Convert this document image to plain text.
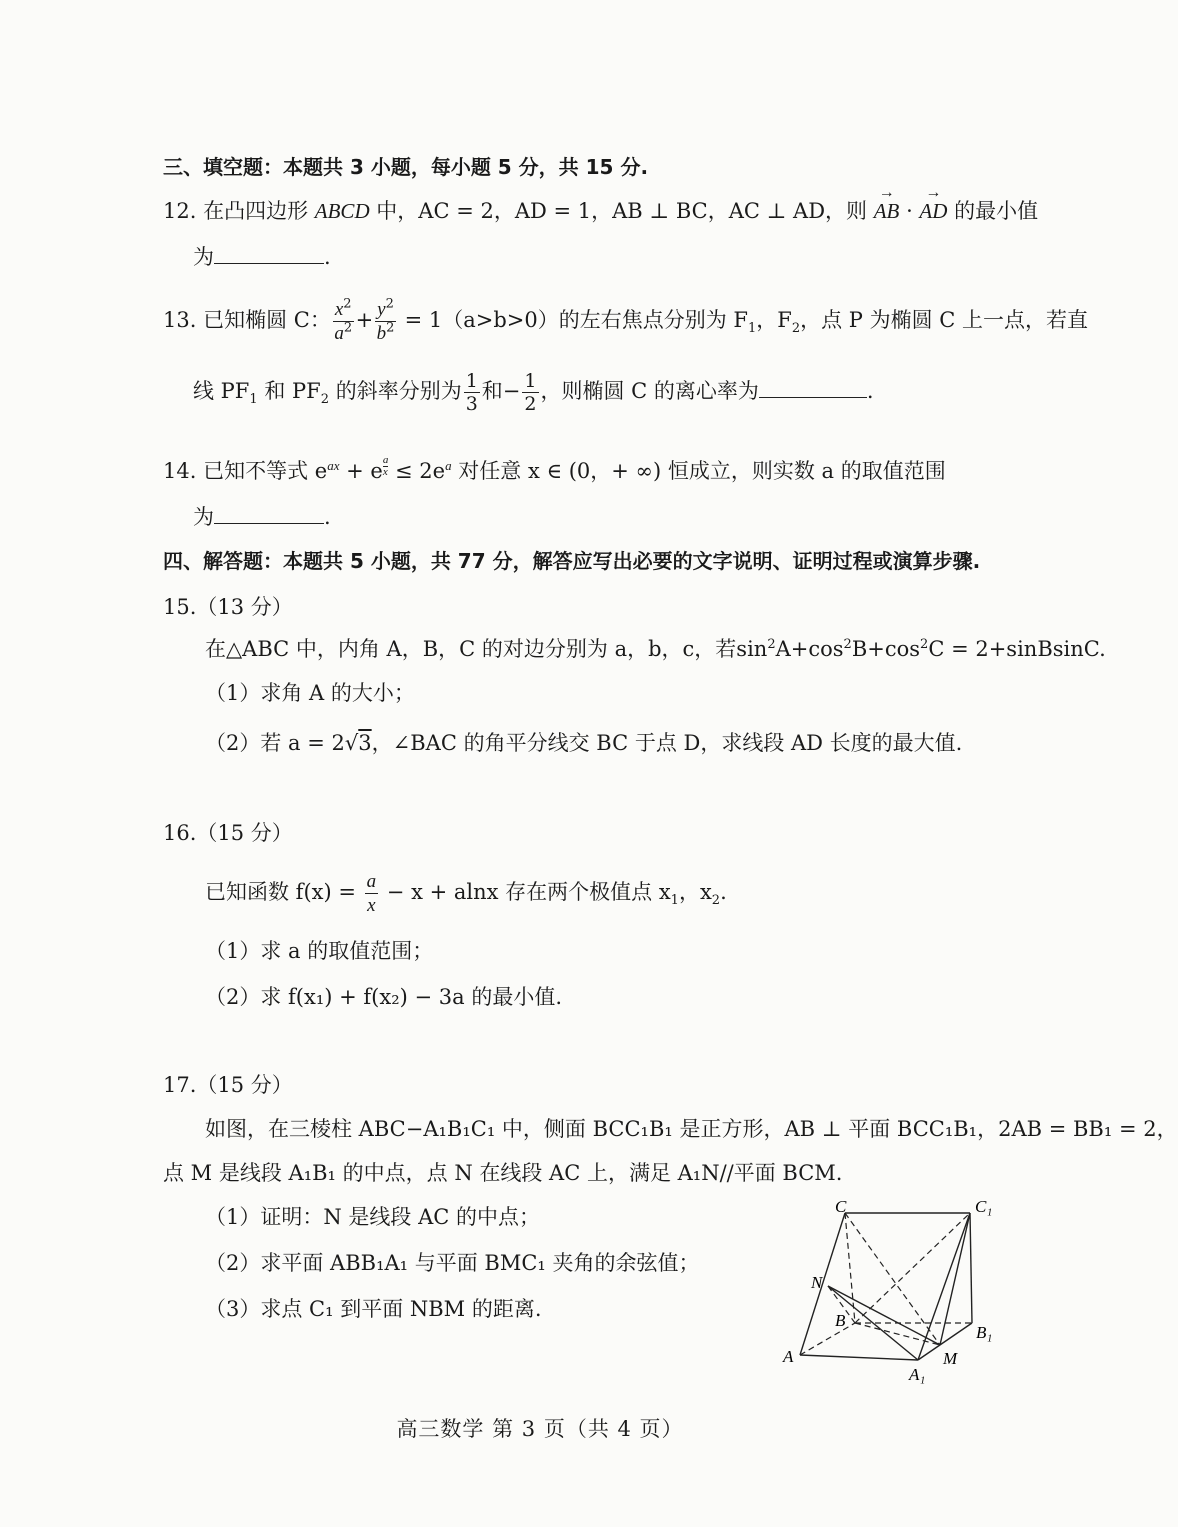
三、填空题：本题共 3 小题，每小题 5 分，共 15 分.
12. 在凸四边形 ABCD 中，AC = 2，AD = 1，AB ⊥ BC，AC ⊥ AD，则 → AB · → AD 的最小值
为	.
13. 已知椭圆 C： $\frac{x^2}{a^2} + \frac{y^2}{b^2} = 1(a>b>0)$的左右焦点分别为 $F_1$，$F_2$，点 P 为椭圆 C 上一点，若直
线 $PF_1$ 和 $PF_2$ 的斜率分别为 $\frac{1}{3}$ 和− $\frac{1}{2}$ ，则椭圆 C 的离心率为	.
14. 已知不等式 $e^{ax} + e$ $^{\frac{a}{x}} \le 2e^a$ 对任意 x ∈ (0，+ ∞) 恒成立，则实数 a 的取值范围
为	.
四、解答题：本题共 5 小题，共 77 分，解答应写出必要的文字说明、证明过程或演算步骤.
15.（13 分）
在△ABC 中，内角 A，B，C 的对边分别为 a，b，c，若$\sin^2A+\cos^2B+\cos^2C$ = 2+sinBsinC.
（1）求角 A 的大小；
（2）若 a = 2√3，∠BAC 的角平分线交 BC 于点 D，求线段 AD 长度的最大值.
16.（15 分）
已知函数 $f(x) = \frac{a}{x} - x + alnx$ 存在两个极值点 $x_1$，$x_2$.
（1）求 a 的取值范围；
（2）求 f(x₁) + f(x₂) − 3a 的最小值.
17.（15 分）
如图，在三棱柱 ABC−A₁B₁C₁ 中，侧面 BCC₁B₁ 是正方形，AB ⊥ 平面 BCC₁B₁，2AB = BB₁ = 2，
点 M 是线段 A₁B₁ 的中点，点 N 在线段 AC 上，满足 A₁N//平面 BCM.
（1）证明：N 是线段 AC 的中点；
（2）求平面 ABB₁A₁ 与平面 BMC₁ 夹角的余弦值；
（3）求点 C₁ 到平面 NBM 的距离.
C	C₁
N
B
B₁
A
A₁
M
高三数学 第 3 页（共 4 页）
